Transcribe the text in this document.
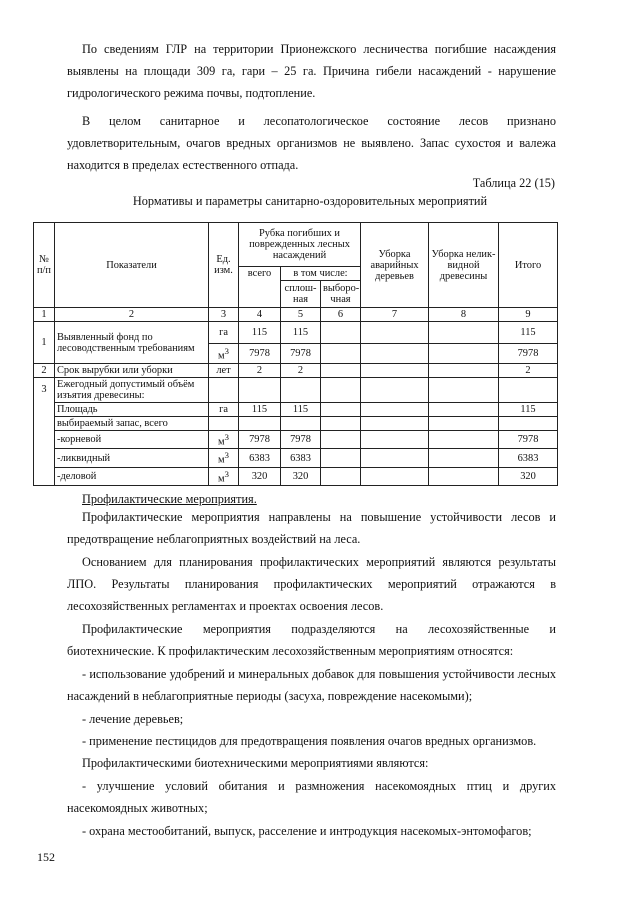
По сведениям ГЛР на территории Прионежского лесничества погибшие насаждения выявлены на площади 309 га, гари – 25 га. Причина гибели насаждений - нарушение гидрологического режима почвы, подтопление.

В целом санитарное и лесопатологическое состояние лесов признано удовлетворительным, очагов вредных организмов не выявлено. Запас сухостоя и валежа находится в пределах естественного отпада.

Таблица 22 (15)
Нормативы и параметры санитарно-оздоровительных мероприятий
№ п/п	Показатели	Ед. изм.	Рубка погибших и поврежденных лесных насаждений			Уборка аварийных деревьев	Уборка нелик-видной древесины	Итого
			всего	в том числе:				
				сплош-ная	выборо-чная			
1	2	3	4	5	6	7	8	9
1	Выявленный фонд по лесоводственным требованиям	га	115	115				115
		$м^3$	7978	7978				7978
2	Срок вырубки или уборки	лет	2	2				2
3	Ежегодный допустимый объём изъятия древесины:							
	Площадь	га	115	115				115
	выбираемый запас, всего							
	-корневой	$м^3$	7978	7978				7978
	-ликвидный	$м^3$	6383	6383				6383
	-деловой	$м^3$	320	320				320
Профилактические мероприятия.

Профилактические мероприятия направлены на повышение устойчивости лесов и предотвращение неблагоприятных воздействий на леса.

Основанием для планирования профилактических мероприятий являются результаты ЛПО. Результаты планирования профилактических мероприятий отражаются в лесохозяйственных регламентах и проектах освоения лесов.

Профилактические мероприятия подразделяются на лесохозяйственные и биотехнические. К профилактическим лесохозяйственным мероприятиям относятся:

- использование удобрений и минеральных добавок для повышения устойчивости лесных насаждений в неблагоприятные периоды (засуха, повреждение насекомыми);

- лечение деревьев;

- применение пестицидов для предотвращения появления очагов вредных организмов.

Профилактическими биотехническими мероприятиями являются:

- улучшение условий обитания и размножения насекомоядных птиц и других насекомоядных животных;

- охрана местообитаний, выпуск, расселение и интродукция насекомых-энтомофагов;

152
